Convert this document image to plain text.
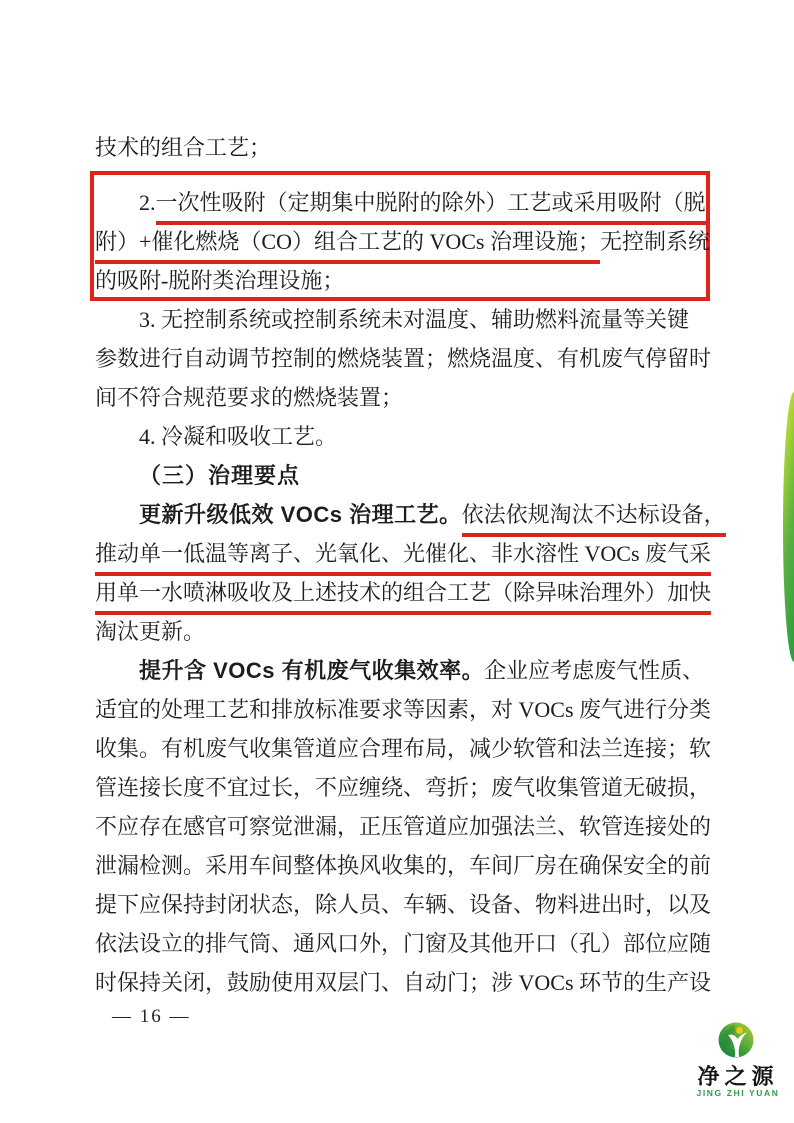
技术的组合工艺；
2.一次性吸附（定期集中脱附的除外）工艺或采用吸附（脱
附）+催化燃烧（CO）组合工艺的 VOCs 治理设施；无控制系统
的吸附-脱附类治理设施；
3. 无控制系统或控制系统未对温度、辅助燃料流量等关键
参数进行自动调节控制的燃烧装置；燃烧温度、有机废气停留时
间不符合规范要求的燃烧装置；
4. 冷凝和吸收工艺。
（三）治理要点
更新升级低效 VOCs 治理工艺。依法依规淘汰不达标设备，
推动单一低温等离子、光氧化、光催化、非水溶性 VOCs 废气采
用单一水喷淋吸收及上述技术的组合工艺（除异味治理外）加快
淘汰更新。
提升含 VOCs 有机废气收集效率。企业应考虑废气性质、
适宜的处理工艺和排放标准要求等因素，对 VOCs 废气进行分类
收集。有机废气收集管道应合理布局，减少软管和法兰连接；软
管连接长度不宜过长，不应缠绕、弯折；废气收集管道无破损，
不应存在感官可察觉泄漏，正压管道应加强法兰、软管连接处的
泄漏检测。采用车间整体换风收集的，车间厂房在确保安全的前
提下应保持封闭状态，除人员、车辆、设备、物料进出时，以及
依法设立的排气筒、通风口外，门窗及其他开口（孔）部位应随
时保持关闭，鼓励使用双层门、自动门；涉 VOCs 环节的生产设
— 16 —
净之源
JING ZHI YUAN
